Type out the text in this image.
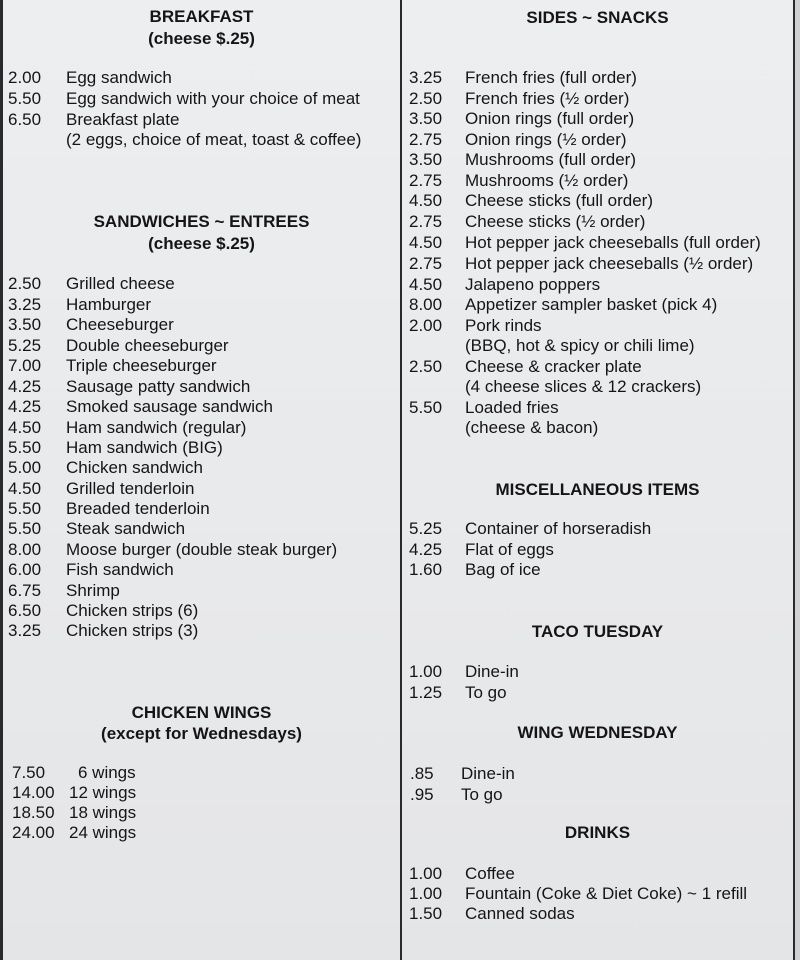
BREAKFAST
(cheese $.25)
2.00 Egg sandwich
5.50 Egg sandwich with your choice of meat
6.50 Breakfast plate
(2 eggs, choice of meat, toast & coffee)
SANDWICHES ~ ENTREES
(cheese $.25)
2.50 Grilled cheese
3.25 Hamburger
3.50 Cheeseburger
5.25 Double cheeseburger
7.00 Triple cheeseburger
4.25 Sausage patty sandwich
4.25 Smoked sausage sandwich
4.50 Ham sandwich (regular)
5.50 Ham sandwich (BIG)
5.00 Chicken sandwich
4.50 Grilled tenderloin
5.50 Breaded tenderloin
5.50 Steak sandwich
8.00 Moose burger (double steak burger)
6.00 Fish sandwich
6.75 Shrimp
6.50 Chicken strips (6)
3.25 Chicken strips (3)
CHICKEN WINGS
(except for Wednesdays)
7.50 6 wings
14.00 12 wings
18.50 18 wings
24.00 24 wings
SIDES ~ SNACKS
3.25 French fries (full order)
2.50 French fries (½ order)
3.50 Onion rings (full order)
2.75 Onion rings (½ order)
3.50 Mushrooms (full order)
2.75 Mushrooms (½ order)
4.50 Cheese sticks (full order)
2.75 Cheese sticks (½ order)
4.50 Hot pepper jack cheeseballs (full order)
2.75 Hot pepper jack cheeseballs (½ order)
4.50 Jalapeno poppers
8.00 Appetizer sampler basket (pick 4)
2.00 Pork rinds
(BBQ, hot & spicy or chili lime)
2.50 Cheese & cracker plate
(4 cheese slices & 12 crackers)
5.50 Loaded fries
(cheese & bacon)
MISCELLANEOUS ITEMS
5.25 Container of horseradish
4.25 Flat of eggs
1.60 Bag of ice
TACO TUESDAY
1.00 Dine-in
1.25 To go
WING WEDNESDAY
.85 Dine-in
.95 To go
DRINKS
1.00 Coffee
1.00 Fountain (Coke & Diet Coke) ~ 1 refill
1.50 Canned sodas
